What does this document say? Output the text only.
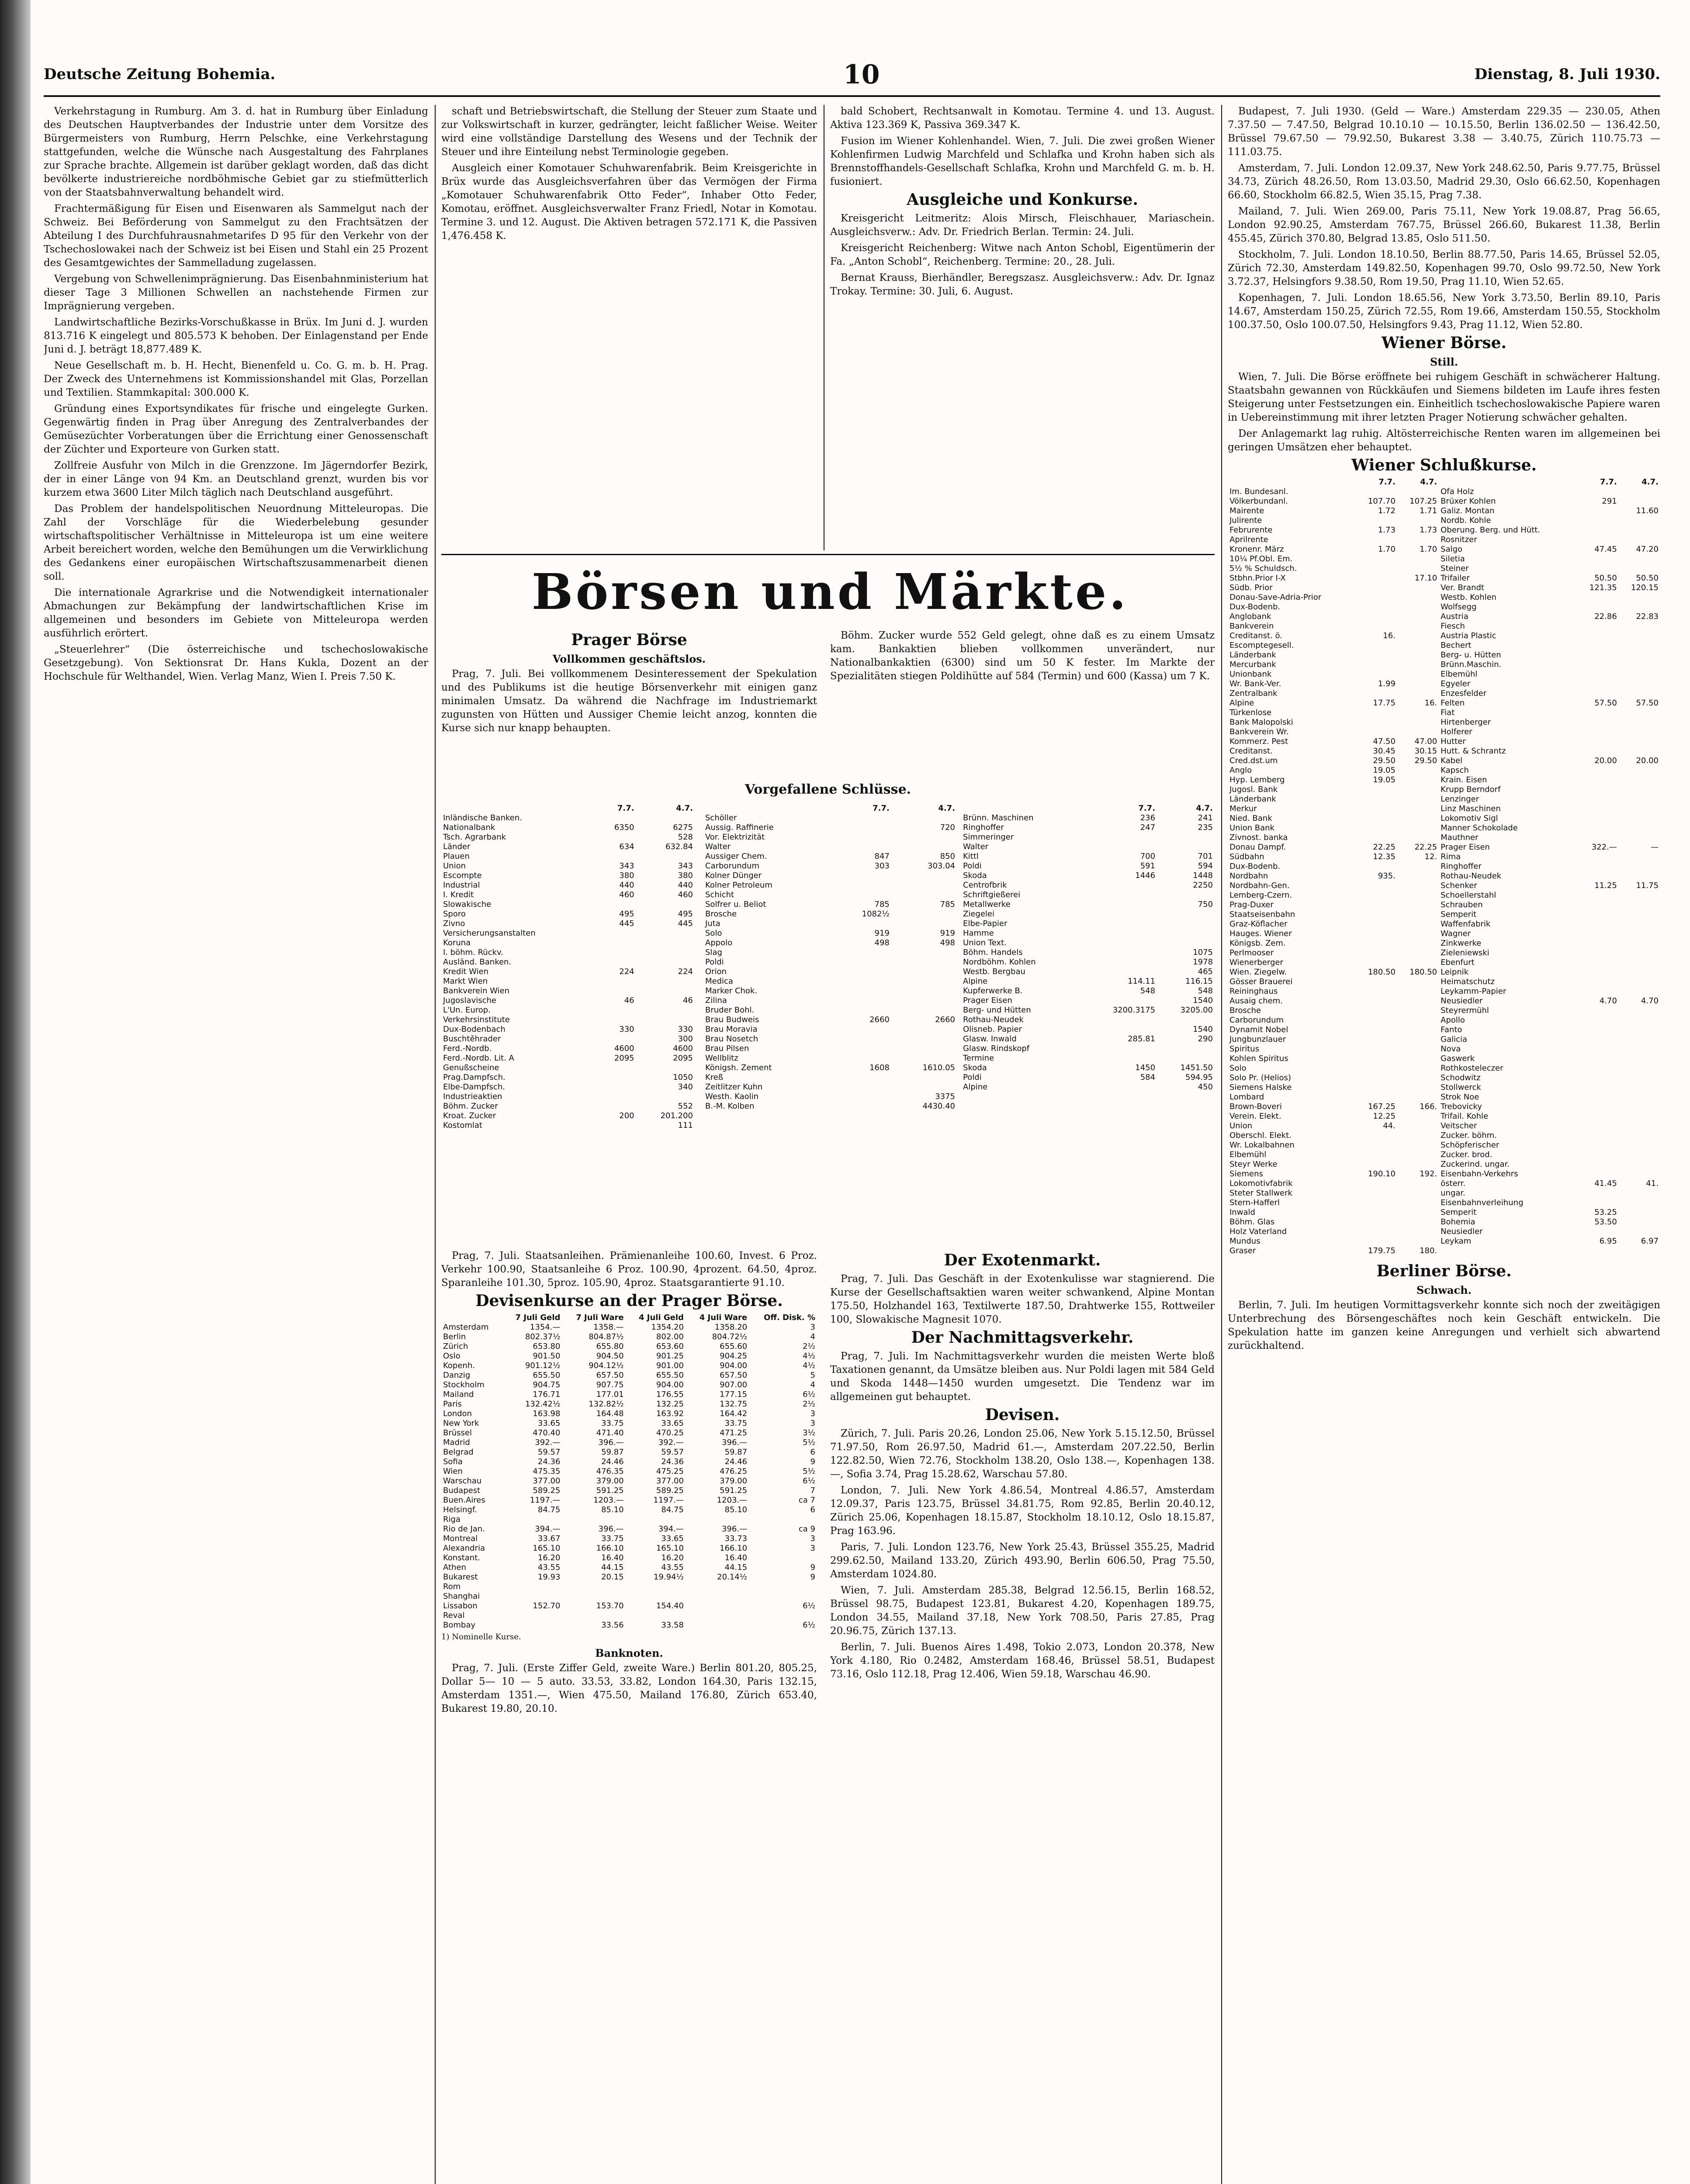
Deutsche Zeitung Bohemia.	10	Dienstag, 8. Juli 1930.

Verkehrstagung in Rumburg. Am 3. d. hat in Rumburg über Einladung des Deutschen Hauptverbandes der Industrie unter dem Vorsitze des Bürgermeisters von Rumburg, Herrn Pelschke, eine Verkehrstagung stattgefunden, welche die Wünsche nach Ausgestaltung des Fahrplanes zur Sprache brachte. Allgemein ist darüber geklagt worden, daß das dicht bevölkerte industriereiche nordböhmische Gebiet gar zu stiefmütterlich von der Staatsbahnverwaltung behandelt wird.

Frachtermäßigung für Eisen und Eisenwaren als Sammelgut nach der Schweiz. Bei Beförderung von Sammelgut zu den Frachtsätzen der Abteilung I des Durchfuhrausnahmetarifes D 95 für den Verkehr von der Tschechoslowakei nach der Schweiz ist bei Eisen und Stahl ein 25 Prozent des Gesamtgewichtes der Sammelladung zugelassen.

Vergebung von Schwellenimprägnierung. Das Eisenbahnministerium hat dieser Tage 3 Millionen Schwellen an nachstehende Firmen zur Imprägnierung vergeben.

Landwirtschaftliche Bezirks-Vorschußkasse in Brüx. Im Juni d. J. wurden 813.716 K eingelegt und 805.573 K behoben. Der Einlagenstand per Ende Juni d. J. beträgt 18,877.489 K.

Neue Gesellschaft m. b. H. Hecht, Bienenfeld u. Co. G. m. b. H. Prag. Der Zweck des Unternehmens ist Kommissionshandel mit Glas, Porzellan und Textilien. Stammkapital: 300.000 K.

Gründung eines Exportsyndikates für frische und eingelegte Gurken. Gegenwärtig finden in Prag über Anregung des Zentralverbandes der Gemüsezüchter Vorberatungen über die Errichtung einer Genossenschaft der Züchter und Exporteure von Gurken statt.

Zollfreie Ausfuhr von Milch in die Grenzzone. Im Jägerndorfer Bezirk, der in einer Länge von 94 Km. an Deutschland grenzt, wurden bis vor kurzem etwa 3600 Liter Milch täglich nach Deutschland ausgeführt.

Das Problem der handelspolitischen Neuordnung Mitteleuropas. Die Zahl der Vorschläge für die Wiederbelebung gesunder wirtschaftspolitischer Verhältnisse in Mitteleuropa ist um eine weitere Arbeit bereichert worden, welche den Bemühungen um die Verwirklichung des Gedankens einer europäischen Wirtschaftszusammenarbeit dienen soll.

Die internationale Agrarkrise und die Notwendigkeit internationaler Abmachungen zur Bekämpfung der landwirtschaftlichen Krise im allgemeinen und besonders im Gebiete von Mitteleuropa werden ausführlich erörtert.

„Steuerlehrer“ (Die österreichische und tschechoslowakische Gesetzgebung). Von Sektionsrat Dr. Hans Kukla, Dozent an der Hochschule für Welthandel, Wien. Verlag Manz, Wien I. Preis 7.50 K.

schaft und Betriebswirtschaft, die Stellung der Steuer zum Staate und zur Volkswirtschaft in kurzer, gedrängter, leicht faßlicher Weise. Weiter wird eine vollständige Darstellung des Wesens und der Technik der Steuer und ihre Einteilung nebst Terminologie gegeben.

Ausgleich einer Komotauer Schuhwarenfabrik. Beim Kreisgerichte in Brüx wurde das Ausgleichsverfahren über das Vermögen der Firma „Komotauer Schuhwarenfabrik Otto Feder“, Inhaber Otto Feder, Komotau, eröffnet. Ausgleichsverwalter Franz Friedl, Notar in Komotau. Termine 3. und 12. August. Die Aktiven betragen 572.171 K, die Passiven 1,476.458 K.

bald Schobert, Rechtsanwalt in Komotau. Termine 4. und 13. August. Aktiva 123.369 K, Passiva 369.347 K.

Fusion im Wiener Kohlenhandel. Wien, 7. Juli. Die zwei großen Wiener Kohlenfirmen Ludwig Marchfeld und Schlafka und Krohn haben sich als Brennstoffhandels-Gesellschaft Schlafka, Krohn und Marchfeld G. m. b. H. fusioniert.

Ausgleiche und Konkurse.

Kreisgericht Leitmeritz: Alois Mirsch, Fleischhauer, Mariaschein. Ausgleichsverw.: Adv. Dr. Friedrich Berlan. Termin: 24. Juli.

Kreisgericht Reichenberg: Witwe nach Anton Schobl, Eigentümerin der Fa. „Anton Schobl“, Reichenberg. Termine: 20., 28. Juli.

Bernat Krauss, Bierhändler, Beregszasz. Ausgleichsverw.: Adv. Dr. Ignaz Trokay. Termine: 30. Juli, 6. August.

Budapest, 7. Juli 1930. (Geld — Ware.) Amsterdam 229.35 — 230.05, Athen 7.37.50 — 7.47.50, Belgrad 10.10.10 — 10.15.50, Berlin 136.02.50 — 136.42.50, Brüssel 79.67.50 — 79.92.50, Bukarest 3.38 — 3.40.75, Zürich 110.75.73 — 111.03.75.

Amsterdam, 7. Juli. London 12.09.37, New York 248.62.50, Paris 9.77.75, Brüssel 34.73, Zürich 48.26.50, Rom 13.03.50, Madrid 29.30, Oslo 66.62.50, Kopenhagen 66.60, Stockholm 66.82.5, Wien 35.15, Prag 7.38.

Mailand, 7. Juli. Wien 269.00, Paris 75.11, New York 19.08.87, Prag 56.65, London 92.90.25, Amsterdam 767.75, Brüssel 266.60, Bukarest 11.38, Berlin 455.45, Zürich 370.80, Belgrad 13.85, Oslo 511.50.

Stockholm, 7. Juli. London 18.10.50, Berlin 88.77.50, Paris 14.65, Brüssel 52.05, Zürich 72.30, Amsterdam 149.82.50, Kopenhagen 99.70, Oslo 99.72.50, New York 3.72.37, Helsingfors 9.38.50, Rom 19.50, Prag 11.10, Wien 52.65.

Kopenhagen, 7. Juli. London 18.65.56, New York 3.73.50, Berlin 89.10, Paris 14.67, Amsterdam 150.25, Zürich 72.55, Rom 19.66, Amsterdam 150.55, Stockholm 100.37.50, Oslo 100.07.50, Helsingfors 9.43, Prag 11.12, Wien 52.80.

Wiener Börse.
Still.

Wien, 7. Juli. Die Börse eröffnete bei ruhigem Geschäft in schwächerer Haltung. Staatsbahn gewannen von Rückkäufen und Siemens bildeten im Laufe ihres festen Steigerung unter Festsetzungen ein. Einheitlich tschechoslowakische Papiere waren in Uebereinstimmung mit ihrer letzten Prager Notierung schwächer gehalten.

Der Anlagemarkt lag ruhig. Altösterreichische Renten waren im allgemeinen bei geringen Umsätzen eher behauptet.

Wiener Schlußkurse.
	7.7.	4.7.		7.7.	4.7.
Im. Bundesanl.			Ofa Holz		
Völkerbundanl.	107.70	107.25	Brüxer Kohlen	291	
Mairente	1.72	1.71	Galiz. Montan		11.60
Julirente			Nordb. Kohle		
Februrente	1.73	1.73	Oberung. Berg. und Hütt.		
Aprilrente			Rosnitzer		
Kronenr. März	1.70	1.70	Salgo	47.45	47.20
10¼ Pf.Obl. Em.			Siletia		
5½ % Schuldsch.			Steiner		
Stbhn.Prior I-X		17.10	Trifailer	50.50	50.50
Südb. Prior			Ver. Brandt	121.35	120.15
Donau-Save-Adria-Prior			Westb. Kohlen		
Dux-Bodenb.			Wolfsegg		
Anglobank			Austria	22.86	22.83
Bankverein			Fiesch		
Creditanst. ö.	16.		Austria Plastic		
Escomptegesell.			Bechert		
Länderbank			Berg- u. Hütten		
Mercurbank			Brünn.Maschin.		
Unionbank			Elbemühl		
Wr. Bank-Ver.	1.99		Egyeler		
Zentralbank			Enzesfelder		
Alpine	17.75	16.	Felten	57.50	57.50
Türkenlose			Fiat		
Bank Malopolski			Hirtenberger		
Bankverein Wr.			Holferer		
Kommerz. Pest	47.50	47.00	Hutter		
Creditanst.	30.45	30.15	Hutt. & Schrantz		
Cred.dst.um	29.50	29.50	Kabel	20.00	20.00
Anglo	19.05		Kapsch		
Hyp. Lemberg	19.05		Krain. Eisen		
Jugosl. Bank			Krupp Berndorf		
Länderbank			Lenzinger		
Merkur			Linz Maschinen		
Nied. Bank			Lokomotiv Sigl		
Union Bank			Manner Schokolade		
Zivnost. banka			Mauthner		
Donau Dampf.	22.25	22.25	Prager Eisen	322.—	—
Südbahn	12.35	12.	Rima		
Dux-Bodenb.			Ringhoffer		
Nordbahn	935.		Rothau-Neudek		
Nordbahn-Gen.			Schenker	11.25	11.75
Lemberg-Czern.			Schoellerstahl		
Prag-Duxer			Schrauben		
Staatseisenbahn			Semperit		
Graz-Köflacher			Waffenfabrik		
Hauges. Wiener			Wagner		
Königsb. Zem.			Zinkwerke		
Perlmooser			Zieleniewski		
Wienerberger			Ebenfurt		
Wien. Ziegelw.	180.50	180.50	Leipnik		
Gösser Brauerei			Heimatschutz		
Reininghaus			Leykamm-Papier		
Ausaig chem.			Neusiedler	4.70	4.70
Brosche			Steyrermühl		
Carborundum			Apollo		
Dynamit Nobel			Fanto		
Jungbunzlauer			Galicia		
Spiritus			Nova		
Kohlen Spiritus			Gaswerk		
Solo			Rothkosteleczer		
Solo Pr. (Helios)			Schodwitz		
Siemens Halske			Stollwerck		
Lombard			Strok Noe		
Brown-Boveri	167.25	166.	Trebovicky		
Verein. Elekt.	12.25		Trifail. Kohle		
Union	44.		Veitscher		
Oberschl. Elekt.			Zucker. böhm.		
Wr. Lokalbahnen			Schöpferischer		
Elbemühl			Zucker. brod.		
Steyr Werke			Zuckerind. ungar.		
Siemens	190.10	192.	Eisenbahn-Verkehrs		
Lokomotivfabrik			österr.	41.45	41.
Steter Stallwerk			ungar.		
Stern-Hafferl			Eisenbahnverleihung		
Inwald			Semperit	53.25	
Böhm. Glas			Bohemia	53.50	
Holz Vaterland			Neusiedler		
Mundus			Leykam	6.95	6.97
Graser	179.75	180.			
Berliner Börse.
Schwach.

Berlin, 7. Juli. Im heutigen Vormittagsverkehr konnte sich noch der zweitägigen Unterbrechung des Börsengeschäftes noch kein Geschäft entwickeln. Die Spekulation hatte im ganzen keine Anregungen und verhielt sich abwartend zurückhaltend.

Börsen und Märkte.
Prager Börse
Vollkommen geschäftslos.

Prag, 7. Juli. Bei vollkommenem Desinteressement der Spekulation und des Publikums ist die heutige Börsenverkehr mit einigen ganz minimalen Umsatz. Da während die Nachfrage im Industriemarkt zugunsten von Hütten und Aussiger Chemie leicht anzog, konnten die Kurse sich nur knapp behaupten.

Böhm. Zucker wurde 552 Geld gelegt, ohne daß es zu einem Umsatz kam. Bankaktien blieben vollkommen unverändert, nur Nationalbankaktien (6300) sind um 50 K fester. Im Markte der Spezialitäten stiegen Poldihütte auf 584 (Termin) und 600 (Kassa) um 7 K.

Vorgefallene Schlüsse.
	7.7.	4.7.
Inländische Banken.		
Nationalbank	6350	6275
Tsch. Agrarbank		528
Länder	634	632.84
Plauen		
Union	343	343
Escompte	380	380
Industrial	440	440
I. Kredit	460	460
Slowakische		
Sporo	495	495
Zivno	445	445
Versicherungsanstalten		
Koruna		
I. böhm. Rückv.		
Ausländ. Banken.		
Kredit Wien	224	224
Markt Wien		
Bankverein Wien		
Jugoslavische	46	46
L'Un. Europ.		
Verkehrsinstitute		
Dux-Bodenbach	330	330
Buschtěhrader		300
Ferd.-Nordb.	4600	4600
Ferd.-Nordb. Lit. A	2095	2095
Genußscheine		
Prag.Dampfsch.		1050
Elbe-Dampfsch.		340
Industrieaktien		
Böhm. Zucker		552
Kroat. Zucker	200	201.200
Kostomlat		111
	7.7.	4.7.
Schöller		
Aussig. Raffinerie		720
Vor. Elektrizität		
Walter		
Aussiger Chem.	847	850
Carborundum	303	303.04
Kolner Dünger		
Kolner Petroleum		
Schicht		
Solfrer u. Beliot	785	785
Brosche	1082½	
Juta		
Solo	919	919
Appolo	498	498
Slag		
Poldi		
Orion		
Medica		
Marker Chok.		
Zilina		
Bruder Bohl.		
Brau Budweis	2660	2660
Brau Moravia		
Brau Nosetch		
Brau Pilsen		
Wellblitz		
Königsh. Zement	1608	1610.05
Kreß		
Zeitlitzer Kuhn		
Westh. Kaolin		3375
B.-M. Kolben		4430.40
	7.7.	4.7.
Brünn. Maschinen	236	241
Ringhoffer	247	235
Simmeringer		
Walter		
Kittl	700	701
Poldi	591	594
Skoda	1446	1448
Centrofbrik		2250
Schriftgießerei		
Metallwerke		750
Ziegelei		
Elbe-Papier		
Hamme		
Union Text.		
Böhm. Handels		1075
Nordböhm. Kohlen		1978
Westb. Bergbau		465
Alpine	114.11	116.15
Kupferwerke B.	548	548
Prager Eisen		1540
Berg- und Hütten	3200.3175	3205.00
Rothau-Neudek		
Olisneb. Papier		1540
Glasw. Inwald	285.81	290
Glasw. Rindskopf		
Termine		
Skoda	1450	1451.50
Poldi	584	594.95
Alpine		450

Prag, 7. Juli. Staatsanleihen. Prämienanleihe 100.60, Invest. 6 Proz. Verkehr 100.90, Staatsanleihe 6 Proz. 100.90, 4prozent. 64.50, 4proz. Sparanleihe 101.30, 5proz. 105.90, 4proz. Staatsgarantierte 91.10.

Devisenkurse an der Prager Börse.
	7 Juli Geld	7 Juli Ware	4 Juli Geld	4 Juli Ware	Off. Disk. %
Amsterdam	1354.—	1358.—	1354.20	1358.20	3
Berlin	802.37½	804.87½	802.00	804.72½	4
Zürich	653.80	655.80	653.60	655.60	2½
Oslo	901.50	904.50	901.25	904.25	4½
Kopenh.	901.12½	904.12½	901.00	904.00	4½
Danzig	655.50	657.50	655.50	657.50	5
Stockholm	904.75	907.75	904.00	907.00	4
Mailand	176.71	177.01	176.55	177.15	6½
Paris	132.42½	132.82½	132.25	132.75	2½
London	163.98	164.48	163.92	164.42	3
New York	33.65	33.75	33.65	33.75	3
Brüssel	470.40	471.40	470.25	471.25	3½
Madrid	392.—	396.—	392.—	396.—	5½
Belgrad	59.57	59.87	59.57	59.87	6
Sofia	24.36	24.46	24.36	24.46	9
Wien	475.35	476.35	475.25	476.25	5½
Warschau	377.00	379.00	377.00	379.00	6½
Budapest	589.25	591.25	589.25	591.25	7
Buen.Aires	1197.—	1203.—	1197.—	1203.—	ca 7
Helsingf.	84.75	85.10	84.75	85.10	6
Riga					
Rio de Jan.	394.—	396.—	394.—	396.—	ca 9
Montreal	33.67	33.75	33.65	33.73	3
Alexandria	165.10	166.10	165.10	166.10	3
Konstant.	16.20	16.40	16.20	16.40	
Athen	43.55	44.15	43.55	44.15	9
Bukarest	19.93	20.15	19.94½	20.14½	9
Rom					
Shanghai					
Lissabon	152.70	153.70	154.40		6½
Reval					
Bombay		33.56	33.58		6½

1) Nominelle Kurse.

Banknoten.

Prag, 7. Juli. (Erste Ziffer Geld, zweite Ware.) Berlin 801.20, 805.25, Dollar 5— 10 — 5 auto. 33.53, 33.82, London 164.30, Paris 132.15, Amsterdam 1351.—, Wien 475.50, Mailand 176.80, Zürich 653.40, Bukarest 19.80, 20.10.

Der Exotenmarkt.

Prag, 7. Juli. Das Geschäft in der Exotenkulisse war stagnierend. Die Kurse der Gesellschaftsaktien waren weiter schwankend, Alpine Montan 175.50, Holzhandel 163, Textilwerte 187.50, Drahtwerke 155, Rottweiler 100, Slowakische Magnesit 1070.

Der Nachmittagsverkehr.

Prag, 7. Juli. Im Nachmittagsverkehr wurden die meisten Werte bloß Taxationen genannt, da Umsätze bleiben aus. Nur Poldi lagen mit 584 Geld und Skoda 1448—1450 wurden umgesetzt. Die Tendenz war im allgemeinen gut behauptet.

Devisen.

Zürich, 7. Juli. Paris 20.26, London 25.06, New York 5.15.12.50, Brüssel 71.97.50, Rom 26.97.50, Madrid 61.—, Amsterdam 207.22.50, Berlin 122.82.50, Wien 72.76, Stockholm 138.20, Oslo 138.—, Kopenhagen 138.—, Sofia 3.74, Prag 15.28.62, Warschau 57.80.

London, 7. Juli. New York 4.86.54, Montreal 4.86.57, Amsterdam 12.09.37, Paris 123.75, Brüssel 34.81.75, Rom 92.85, Berlin 20.40.12, Zürich 25.06, Kopenhagen 18.15.87, Stockholm 18.10.12, Oslo 18.15.87, Prag 163.96.

Paris, 7. Juli. London 123.76, New York 25.43, Brüssel 355.25, Madrid 299.62.50, Mailand 133.20, Zürich 493.90, Berlin 606.50, Prag 75.50, Amsterdam 1024.80.

Wien, 7. Juli. Amsterdam 285.38, Belgrad 12.56.15, Berlin 168.52, Brüssel 98.75, Budapest 123.81, Bukarest 4.20, Kopenhagen 189.75, London 34.55, Mailand 37.18, New York 708.50, Paris 27.85, Prag 20.96.75, Zürich 137.13.

Berlin, 7. Juli. Buenos Aires 1.498, Tokio 2.073, London 20.378, New York 4.180, Rio 0.2482, Amsterdam 168.46, Brüssel 58.51, Budapest 73.16, Oslo 112.18, Prag 12.406, Wien 59.18, Warschau 46.90.
